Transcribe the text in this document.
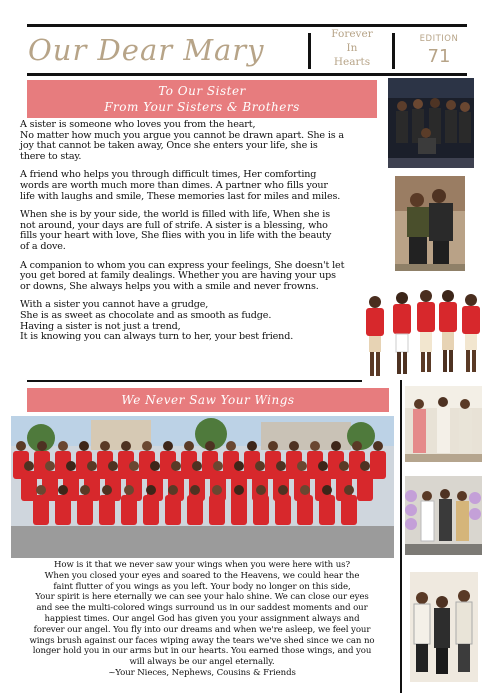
Our Dear Mary	Forever
In
Hearts
EDITION
71
To Our Sister
From Your Sisters & Brothers

A sister is someone who loves you from the heart,
No matter how much you argue you cannot be drawn apart. She is a
joy that cannot be taken away, Once she enters your life, she is
there to stay.

A friend who helps you through difficult times, Her comforting
words are worth much more than dimes. A partner who fills your
life with laughs and smile, These memories last for miles and miles.

When she is by your side, the world is filled with life, When she is
not around, your days are full of strife. A sister is a blessing, who
fills your heart with love, She flies with you in life with the beauty
of a dove.

A companion to whom you can express your feelings, She doesn't let
you get bored at family dealings. Whether you are having your ups
or downs, She always helps you with a smile and never frowns.

With a sister you cannot have a grudge,
She is as sweet as chocolate and as smooth as fudge.
Having a sister is not just a trend,
It is knowing you can always turn to her, your best friend.

We Never Saw Your Wings
How is it that we never saw your wings when you were here with us?
When you closed your eyes and soared to the Heavens, we could hear the
faint flutter of you wings as you left. Your body no longer on this side,
Your spirit is here eternally we can see your halo shine. We can close our eyes
and see the multi-colored wings surround us in our saddest moments and our
happiest times. Our angel God has given you your assignment always and
forever our angel. You fly into our dreams and when we're asleep, we feel your
wings brush against our faces wiping away the tears we've shed since we can no
longer hold you in our arms but in our hearts. You earned those wings, and you
will always be our angel eternally.
~Your Nieces, Nephews, Cousins & Friends
